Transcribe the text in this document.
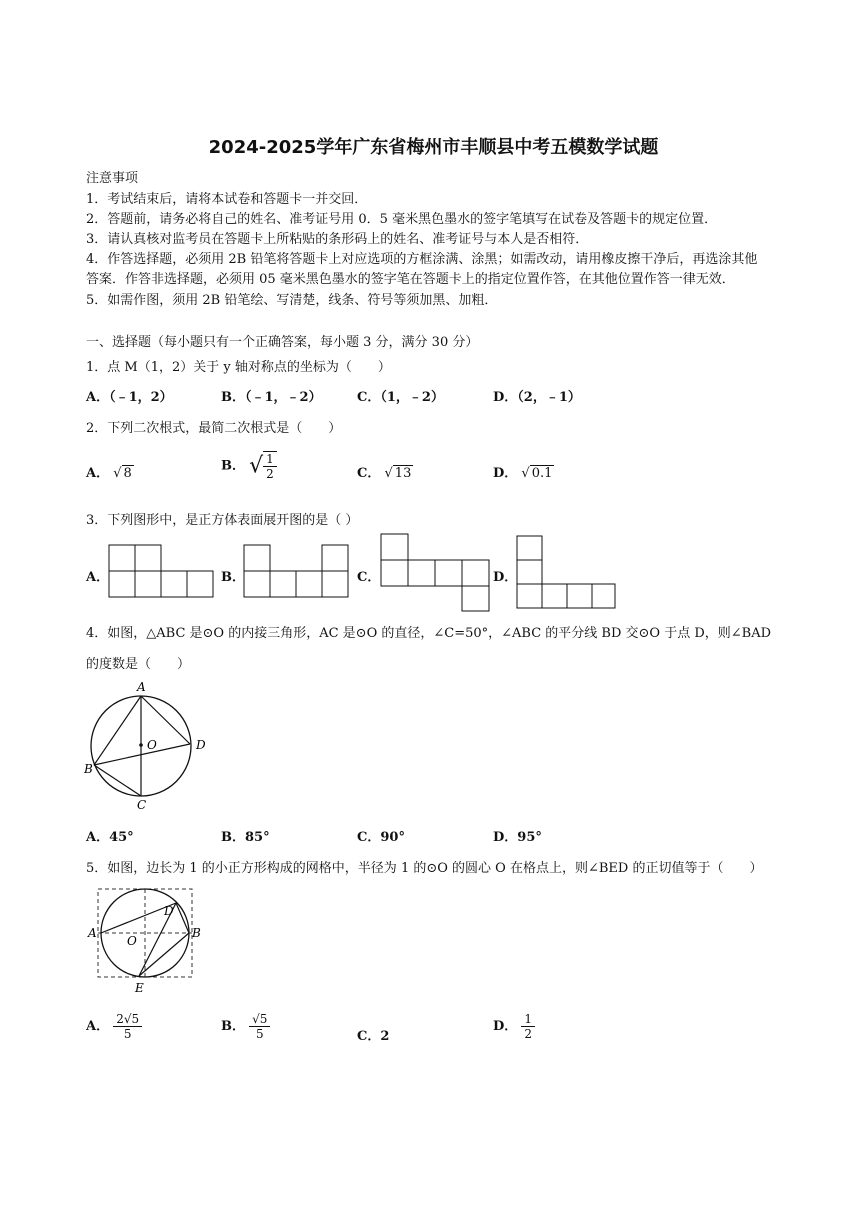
2024-2025学年广东省梅州市丰顺县中考五模数学试题
注意事项
1．考试结束后，请将本试卷和答题卡一并交回．
2．答题前，请务必将自己的姓名、准考证号用 0．5 毫米黑色墨水的签字笔填写在试卷及答题卡的规定位置．
3．请认真核对监考员在答题卡上所粘贴的条形码上的姓名、准考证号与本人是否相符．
4．作答选择题，必须用 2B 铅笔将答题卡上对应选项的方框涂满、涂黑；如需改动，请用橡皮擦干净后，再选涂其他
答案．作答非选择题，必须用 05 毫米黑色墨水的签字笔在答题卡上的指定位置作答，在其他位置作答一律无效．
5．如需作图，须用 2B 铅笔绘、写清楚，线条、符号等须加黑、加粗．
一、选择题（每小题只有一个正确答案，每小题 3 分，满分 30 分）
1．点 M（1，2）关于 y 轴对称点的坐标为（　　）
A．（﹣1，2）	B．（﹣1，﹣2）	C．（1，﹣2）	D．（2，﹣1）
2．下列二次根式，最简二次根式是（　　）
A． √ 8	B． √ $\frac{1}{2}$	C． √ 13	D． √ 0.1
3．下列图形中，是正方体表面展开图的是（ ）
A．	B．	C．	D．
4．如图，△ABC 是⊙O 的内接三角形，AC 是⊙O 的直径，∠C=50°，∠ABC 的平分线 BD 交⊙O 于点 D，则∠BAD
的度数是（　　）
A
B
C
D
O
A．45°	B．85°	C．90°	D．95°
5．如图，边长为 1 的小正方形构成的网格中，半径为 1 的⊙O 的圆心 O 在格点上，则∠BED 的正切值等于（　　）
A	B
D
E
O
A． $\frac{2√5}{5}$	B． $\frac{√5}{5}$	C．2
D． $\frac{1}{2}$
